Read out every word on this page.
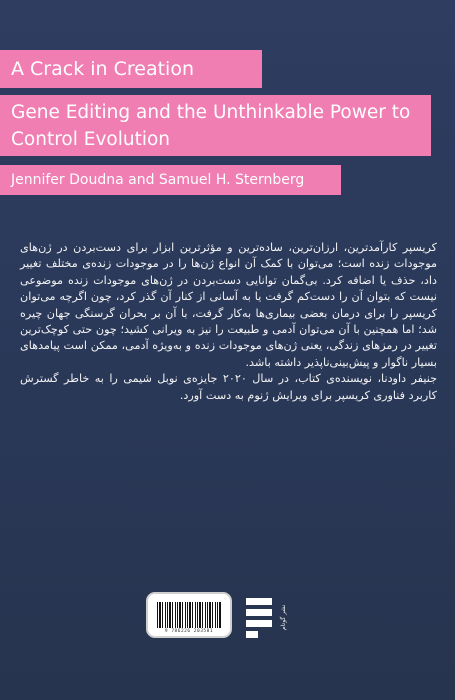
A Crack in Creation
Gene Editing and the Unthinkable Power to Control Evolution
Jennifer Doudna and Samuel H. Sternberg

کریسپر کارآمدترین، ارزان‌ترین، ساده‌ترین و مؤثرترین ابزار برای دست‌بردن در ژن‌های موجودات زنده است؛ می‌توان با کمک آن انواع ژن‌ها را در موجودات زنده‌ی مختلف تغییر داد، حذف یا اضافه کرد. بی‌گمان توانایی دست‌بردن در ژن‌های موجودات زنده موضوعی نیست که بتوان آن را دست‌کم گرفت یا به آسانی از کنار آن گذر کرد، چون اگرچه می‌توان کریسپر را برای درمان بعضی بیماری‌ها به‌کار گرفت، با آن بر بحران گرسنگی جهان چیره شد؛ اما همچنین با آن می‌توان آدمی و طبیعت را نیز به ویرانی کشید؛ چون حتی کوچک‌ترین تغییر در رمزهای زندگی، یعنی ژن‌های موجودات زنده و به‌ویژه آدمی، ممکن است پیامدهای بسیار ناگوار و پیش‌بینی‌ناپذیر داشته باشد.

جنیفر داودنا، نویسنده‌ی کتاب، در سال ۲۰۲۰ جایزه‌ی نوبل شیمی را به خاطر گسترش کاربرد فناوری کریسپر برای ویرایش ژنوم به دست آورد.

9 786226 203581
نشر گوتام
